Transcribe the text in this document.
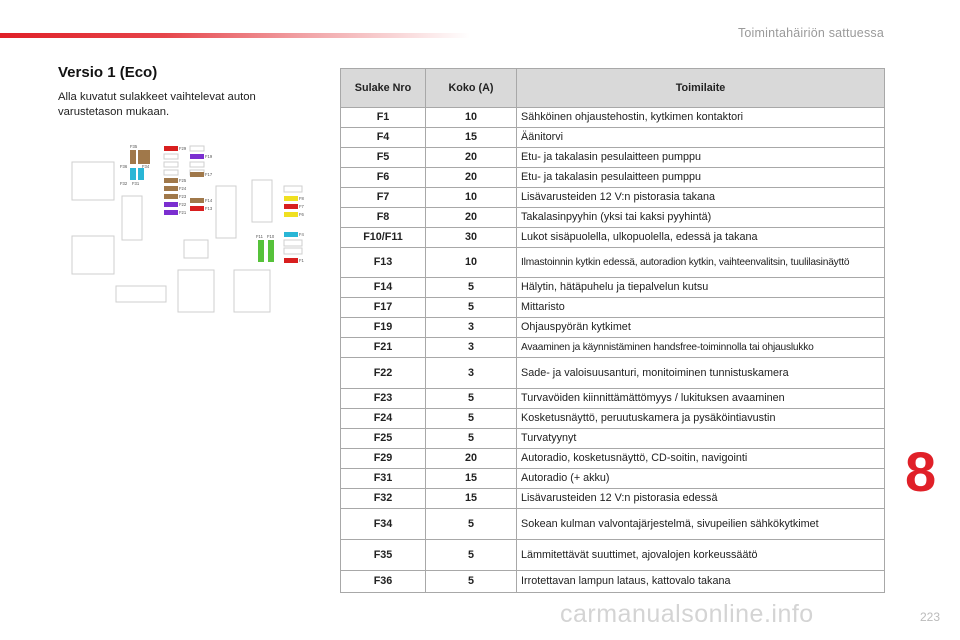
Toimintahäiriön sattuessa
Versio 1 (Eco)

Alla kuvatut sulakkeet vaihtelevat auton varustetason mukaan.

F35
F36	F34
F32 F31
F29
F19
F17
F25
F24
F23
F22
F21
F14
F13
F8
F7
F6
F4
F11 F10
F1
Sulake Nro	Koko (A)	Toimilaite
F1	10	Sähköinen ohjaustehostin, kytkimen kontaktori
F4	15	Äänitorvi
F5	20	Etu- ja takalasin pesulaitteen pumppu
F6	20	Etu- ja takalasin pesulaitteen pumppu
F7	10	Lisävarusteiden 12 V:n pistorasia takana
F8	20	Takalasinpyyhin (yksi tai kaksi pyyhintä)
F10/F11	30	Lukot sisäpuolella, ulkopuolella, edessä ja takana
F13	10	Ilmastoinnin kytkin edessä, autoradion kytkin, vaihteenvalitsin, tuulilasinäyttö
F14	5	Hälytin, hätäpuhelu ja tiepalvelun kutsu
F17	5	Mittaristo
F19	3	Ohjauspyörän kytkimet
F21	3	Avaaminen ja käynnistäminen handsfree-toiminnolla tai ohjauslukko
F22	3	Sade- ja valoisuusanturi, monitoiminen tunnistuskamera
F23	5	Turvavöiden kiinnittämättömyys / lukituksen avaaminen
F24	5	Kosketusnäyttö, peruutuskamera ja pysäköintiavustin
F25	5	Turvatyynyt
F29	20	Autoradio, kosketusnäyttö, CD-soitin, navigointi
F31	15	Autoradio (+ akku)
F32	15	Lisävarusteiden 12 V:n pistorasia edessä
F34	5	Sokean kulman valvontajärjestelmä, sivupeilien sähkökytkimet
F35	5	Lämmitettävät suuttimet, ajovalojen korkeussäätö
F36	5	Irrotettavan lampun lataus, kattovalo takana
8
223
carmanualsonline.info
